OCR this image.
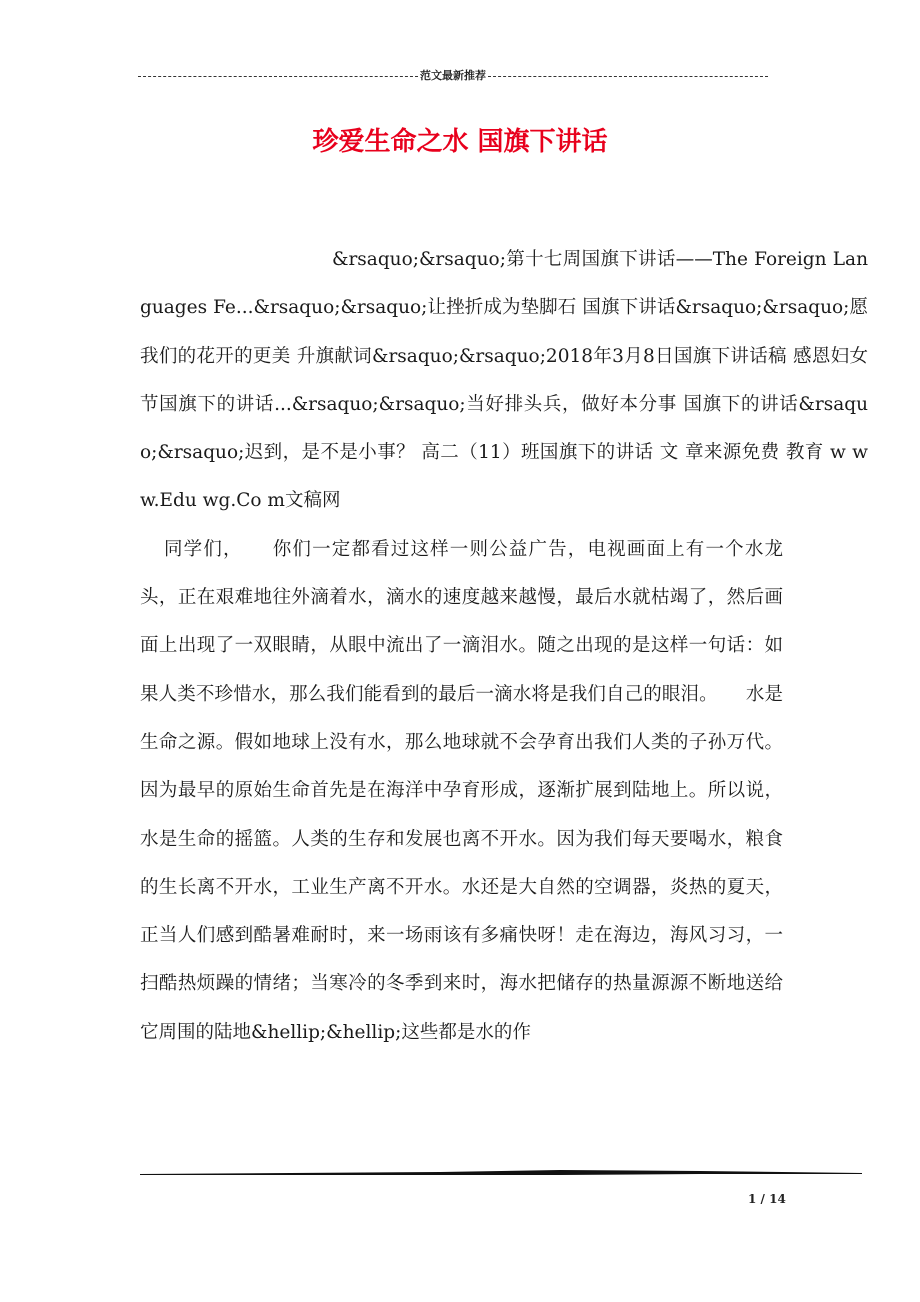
范文最新推荐
珍爱生命之水 国旗下讲话

&rsaquo;&rsaquo;第十七周国旗下讲话——The Foreign Languages Fe...&rsaquo;&rsaquo;让挫折成为垫脚石 国旗下讲话&rsaquo;&rsaquo;愿我们的花开的更美 升旗献词&rsaquo;&rsaquo;2018年3月8日国旗下讲话稿 感恩妇女节国旗下的讲话...&rsaquo;&rsaquo;当好排头兵，做好本分事 国旗下的讲话&rsaquo;&rsaquo;迟到，是不是小事？ 高二（11）班国旗下的讲话 文 章来源免费 教育 w ww.Edu wg.Co m文稿网

同学们，　　你们一定都看过这样一则公益广告，电视画面上有一个水龙头，正在艰难地往外滴着水，滴水的速度越来越慢，最后水就枯竭了，然后画面上出现了一双眼睛，从眼中流出了一滴泪水。随之出现的是这样一句话：如果人类不珍惜水，那么我们能看到的最后一滴水将是我们自己的眼泪。　　水是生命之源。假如地球上没有水，那么地球就不会孕育出我们人类的子孙万代。因为最早的原始生命首先是在海洋中孕育形成，逐渐扩展到陆地上。所以说，水是生命的摇篮。人类的生存和发展也离不开水。因为我们每天要喝水，粮食的生长离不开水，工业生产离不开水。水还是大自然的空调器，炎热的夏天，正当人们感到酷暑难耐时，来一场雨该有多痛快呀！走在海边，海风习习，一扫酷热烦躁的情绪；当寒冷的冬季到来时，海水把储存的热量源源不断地送给它周围的陆地&hellip;&hellip;这些都是水的作

1 / 14
